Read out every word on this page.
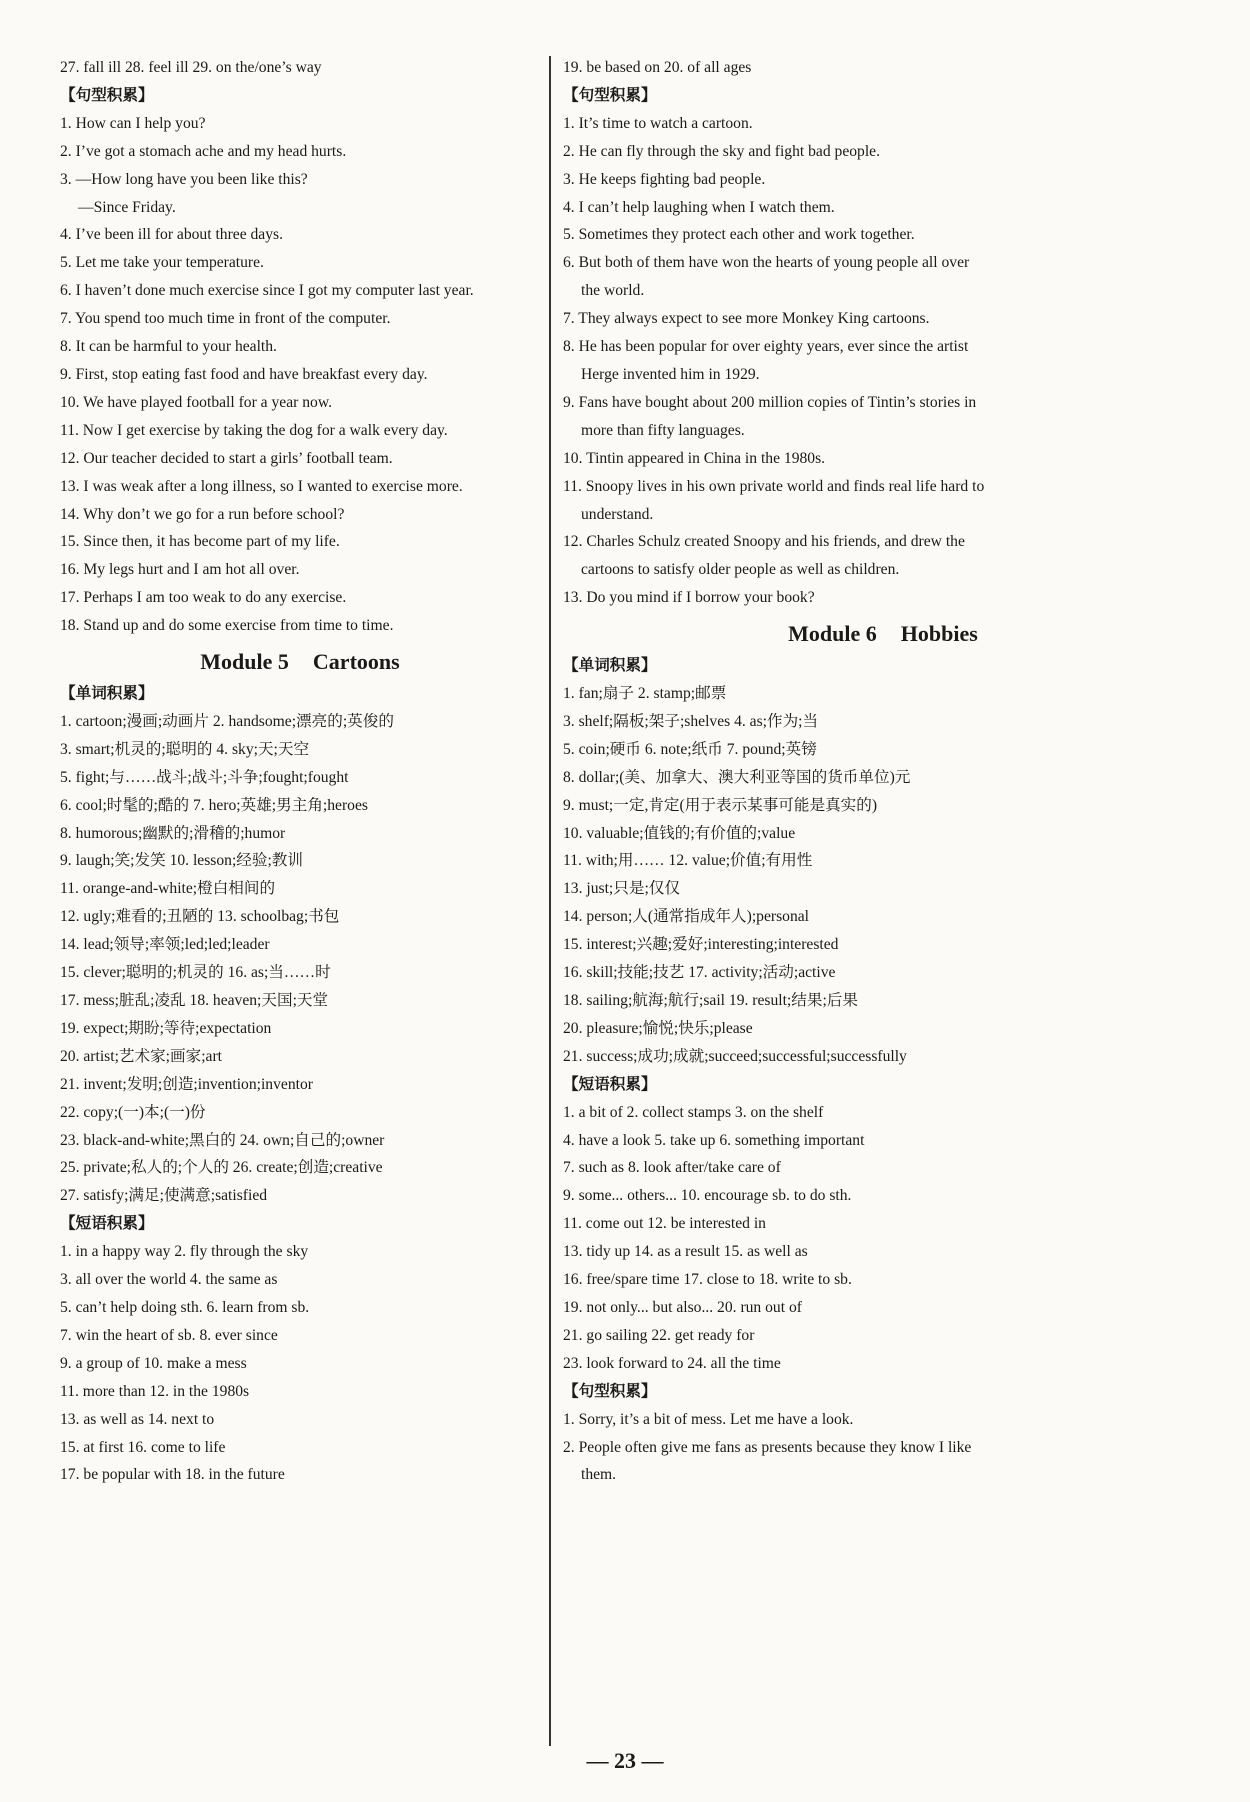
27. fall ill 28. feel ill 29. on the/one’s way
【句型积累】
1. How can I help you?
2. I’ve got a stomach ache and my head hurts.
3. —How long have you been like this?
—Since Friday.
4. I’ve been ill for about three days.
5. Let me take your temperature.
6. I haven’t done much exercise since I got my computer last year.
7. You spend too much time in front of the computer.
8. It can be harmful to your health.
9. First, stop eating fast food and have breakfast every day.
10. We have played football for a year now.
11. Now I get exercise by taking the dog for a walk every day.
12. Our teacher decided to start a girls’ football team.
13. I was weak after a long illness, so I wanted to exercise more.
14. Why don’t we go for a run before school?
15. Since then, it has become part of my life.
16. My legs hurt and I am hot all over.
17. Perhaps I am too weak to do any exercise.
18. Stand up and do some exercise from time to time.
Module 5 Cartoons
【单词积累】
1. cartoon;漫画;动画片 2. handsome;漂亮的;英俊的
3. smart;机灵的;聪明的 4. sky;天;天空
5. fight;与……战斗;战斗;斗争;fought;fought
6. cool;时髦的;酷的 7. hero;英雄;男主角;heroes
8. humorous;幽默的;滑稽的;humor
9. laugh;笑;发笑 10. lesson;经验;教训
11. orange-and-white;橙白相间的
12. ugly;难看的;丑陋的 13. schoolbag;书包
14. lead;领导;率领;led;led;leader
15. clever;聪明的;机灵的 16. as;当……时
17. mess;脏乱;凌乱 18. heaven;天国;天堂
19. expect;期盼;等待;expectation
20. artist;艺术家;画家;art
21. invent;发明;创造;invention;inventor
22. copy;(一)本;(一)份
23. black-and-white;黑白的 24. own;自己的;owner
25. private;私人的;个人的 26. create;创造;creative
27. satisfy;满足;使满意;satisfied
【短语积累】
1. in a happy way 2. fly through the sky
3. all over the world 4. the same as
5. can’t help doing sth. 6. learn from sb.
7. win the heart of sb. 8. ever since
9. a group of 10. make a mess
11. more than 12. in the 1980s
13. as well as 14. next to
15. at first 16. come to life
17. be popular with 18. in the future
19. be based on 20. of all ages
【句型积累】
1. It’s time to watch a cartoon.
2. He can fly through the sky and fight bad people.
3. He keeps fighting bad people.
4. I can’t help laughing when I watch them.
5. Sometimes they protect each other and work together.
6. But both of them have won the hearts of young people all over
the world.
7. They always expect to see more Monkey King cartoons.
8. He has been popular for over eighty years, ever since the artist
Herge invented him in 1929.
9. Fans have bought about 200 million copies of Tintin’s stories in
more than fifty languages.
10. Tintin appeared in China in the 1980s.
11. Snoopy lives in his own private world and finds real life hard to
understand.
12. Charles Schulz created Snoopy and his friends, and drew the
cartoons to satisfy older people as well as children.
13. Do you mind if I borrow your book?
Module 6 Hobbies
【单词积累】
1. fan;扇子 2. stamp;邮票
3. shelf;隔板;架子;shelves 4. as;作为;当
5. coin;硬币 6. note;纸币 7. pound;英镑
8. dollar;(美、加拿大、澳大利亚等国的货币单位)元
9. must;一定,肯定(用于表示某事可能是真实的)
10. valuable;值钱的;有价值的;value
11. with;用…… 12. value;价值;有用性
13. just;只是;仅仅
14. person;人(通常指成年人);personal
15. interest;兴趣;爱好;interesting;interested
16. skill;技能;技艺 17. activity;活动;active
18. sailing;航海;航行;sail 19. result;结果;后果
20. pleasure;愉悦;快乐;please
21. success;成功;成就;succeed;successful;successfully
【短语积累】
1. a bit of 2. collect stamps 3. on the shelf
4. have a look 5. take up 6. something important
7. such as 8. look after/take care of
9. some... others... 10. encourage sb. to do sth.
11. come out 12. be interested in
13. tidy up 14. as a result 15. as well as
16. free/spare time 17. close to 18. write to sb.
19. not only... but also... 20. run out of
21. go sailing 22. get ready for
23. look forward to 24. all the time
【句型积累】
1. Sorry, it’s a bit of mess. Let me have a look.
2. People often give me fans as presents because they know I like
them.
— 23 —
